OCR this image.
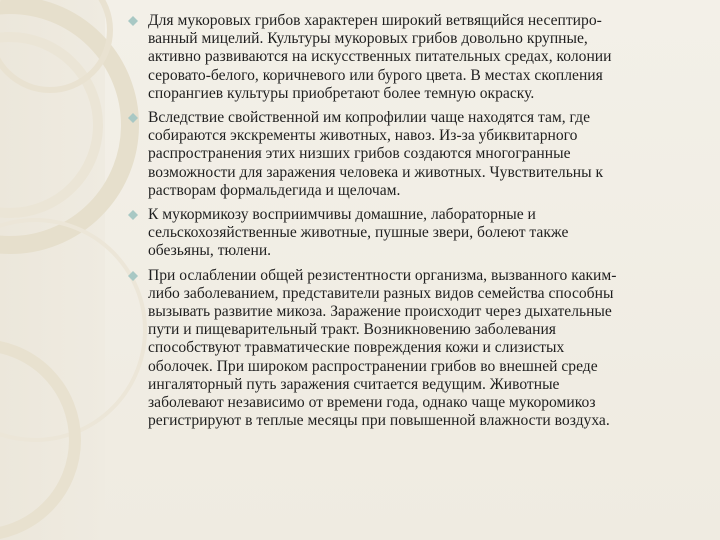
Для мукоровых грибов характерен широкий ветвящийся несептиро-
ванный мицелий. Культуры мукоровых грибов довольно крупные,
активно развиваются на искусственных питательных средах, колонии
серовато-белого, коричневого или бурого цвета. В местах скопления
спорангиев культуры приобретают более темную окраску.
Вследствие свойственной им копрофилии чаще находятся там, где
собираются экскременты животных, навоз. Из-за убиквитарного
распространения этих низших грибов создаются многогранные
возможности для заражения человека и животных. Чувствительны к
растворам формальдегида и щелочам.
К мукормикозу восприимчивы домашние, лабораторные и
сельскохозяйственные животные, пушные звери, болеют также
обезьяны, тюлени.
При ослаблении общей резистентности организма, вызванного каким-
либо заболеванием, представители разных видов семейства способны
вызывать развитие микоза. Заражение происходит через дыхательные
пути и пищеварительный тракт. Возникновению заболевания
способствуют травматические повреждения кожи и слизистых
оболочек. При широком распространении грибов во внешней среде
ингаляторный путь заражения считается ведущим. Животные
заболевают независимо от времени года, однако чаще мукоромикоз
регистрируют в теплые месяцы при повышенной влажности воздуха.
